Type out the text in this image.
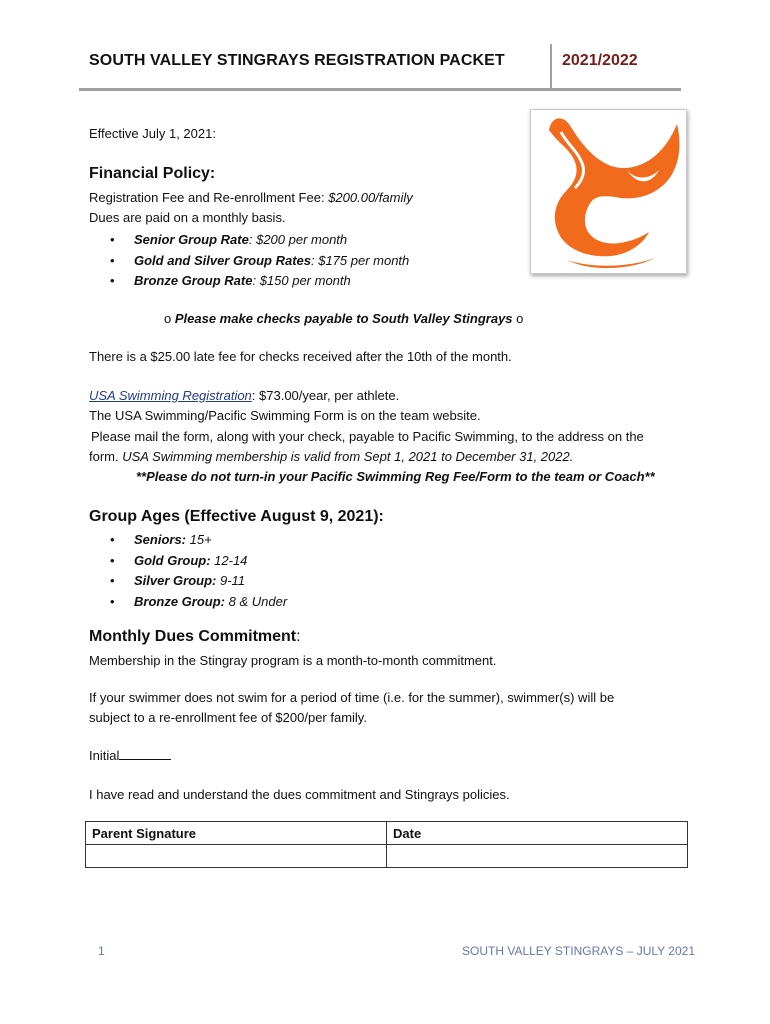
SOUTH VALLEY STINGRAYS REGISTRATION PACKET	2021/2022
Effective July 1, 2021:
Financial Policy:
Registration Fee and Re-enrollment Fee: $200.00/family
Dues are paid on a monthly basis.
• Senior Group Rate: $200 per month
• Gold and Silver Group Rates: $175 per month
• Bronze Group Rate: $150 per month
o Please make checks payable to South Valley Stingrays o
There is a $25.00 late fee for checks received after the 10th of the month.
USA Swimming Registration: $73.00/year, per athlete.
The USA Swimming/Pacific Swimming Form is on the team website.
Please mail the form, along with your check, payable to Pacific Swimming, to the address on the
form. USA Swimming membership is valid from Sept 1, 2021 to December 31, 2022.
**Please do not turn-in your Pacific Swimming Reg Fee/Form to the team or Coach**
Group Ages (Effective August 9, 2021):
• Seniors: 15+
• Gold Group: 12-14
• Silver Group: 9-11
• Bronze Group: 8 & Under
Monthly Dues Commitment:
Membership in the Stingray program is a month-to-month commitment.
If your swimmer does not swim for a period of time (i.e. for the summer), swimmer(s) will be
subject to a re-enrollment fee of $200/per family.
Initial
I have read and understand the dues commitment and Stingrays policies.
Parent Signature	Date

1	SOUTH VALLEY STINGRAYS – JULY 2021
